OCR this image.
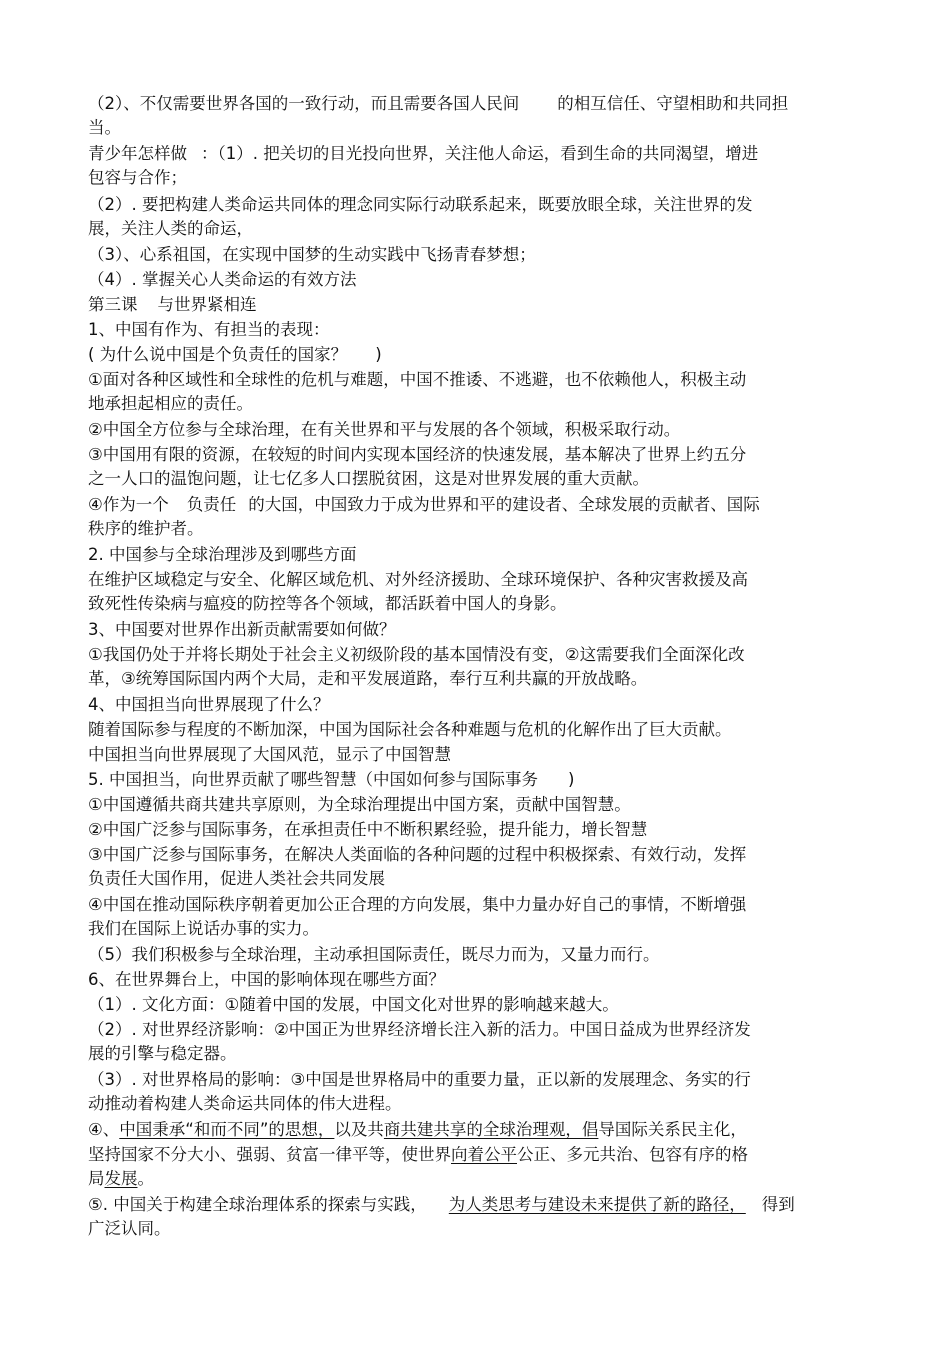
（2）、不仅需要世界各国的一致行动，而且需要各国人民间 的相互信任、守望相助和共同担
当。
青少年怎样做 ：（1）. 把关切的目光投向世界，关注他人命运，看到生命的共同渴望，增进
包容与合作；
（2）. 要把构建人类命运共同体的理念同实际行动联系起来，既要放眼全球，关注世界的发
展，关注人类的命运，
（3）、心系祖国，在实现中国梦的生动实践中飞扬青春梦想；
（4）. 掌握关心人类命运的有效方法
第三课 与世界紧相连
1、中国有作为、有担当的表现：
( 为什么说中国是个负责任的国家？ )
①面对各种区域性和全球性的危机与难题，中国不推诿、不逃避，也不依赖他人，积极主动
地承担起相应的责任。
②中国全方位参与全球治理，在有关世界和平与发展的各个领域，积极采取行动。
③中国用有限的资源，在较短的时间内实现本国经济的快速发展，基本解决了世界上约五分
之一人口的温饱问题，让七亿多人口摆脱贫困，这是对世界发展的重大贡献。
④作为一个 负责任 的大国，中国致力于成为世界和平的建设者、全球发展的贡献者、国际
秩序的维护者。
2. 中国参与全球治理涉及到哪些方面
在维护区域稳定与安全、化解区域危机、对外经济援助、全球环境保护、各种灾害救援及高
致死性传染病与瘟疫的防控等各个领域，都活跃着中国人的身影。
3、中国要对世界作出新贡献需要如何做？
①我国仍处于并将长期处于社会主义初级阶段的基本国情没有变，②这需要我们全面深化改
革，③统筹国际国内两个大局，走和平发展道路，奉行互利共赢的开放战略。
4、中国担当向世界展现了什么？
随着国际参与程度的不断加深，中国为国际社会各种难题与危机的化解作出了巨大贡献。
中国担当向世界展现了大国风范，显示了中国智慧
5. 中国担当，向世界贡献了哪些智慧（中国如何参与国际事务 )
①中国遵循共商共建共享原则，为全球治理提出中国方案，贡献中国智慧。
②中国广泛参与国际事务，在承担责任中不断积累经验，提升能力，增长智慧
③中国广泛参与国际事务，在解决人类面临的各种问题的过程中积极探索、有效行动，发挥
负责任大国作用，促进人类社会共同发展
④中国在推动国际秩序朝着更加公正合理的方向发展，集中力量办好自己的事情，不断增强
我们在国际上说话办事的实力。
（5）我们积极参与全球治理，主动承担国际责任，既尽力而为，又量力而行。
6、在世界舞台上，中国的影响体现在哪些方面？
（1）. 文化方面：①随着中国的发展，中国文化对世界的影响越来越大。
（2）. 对世界经济影响：②中国正为世界经济增长注入新的活力。中国日益成为世界经济发
展的引擎与稳定器。
（3）. 对世界格局的影响：③中国是世界格局中的重要力量，正以新的发展理念、务实的行
动推动着构建人类命运共同体的伟大进程。
④、中国秉承“和而不同”的思想，以及共商共建共享的全球治理观，倡导国际关系民主化，
坚持国家不分大小、强弱、贫富一律平等，使世界向着公平公正、多元共治、包容有序的格
局发展。
⑤. 中国关于构建全球治理体系的探索与实践， 为人类思考与建设未来提供了新的路径， 得到
广泛认同。
